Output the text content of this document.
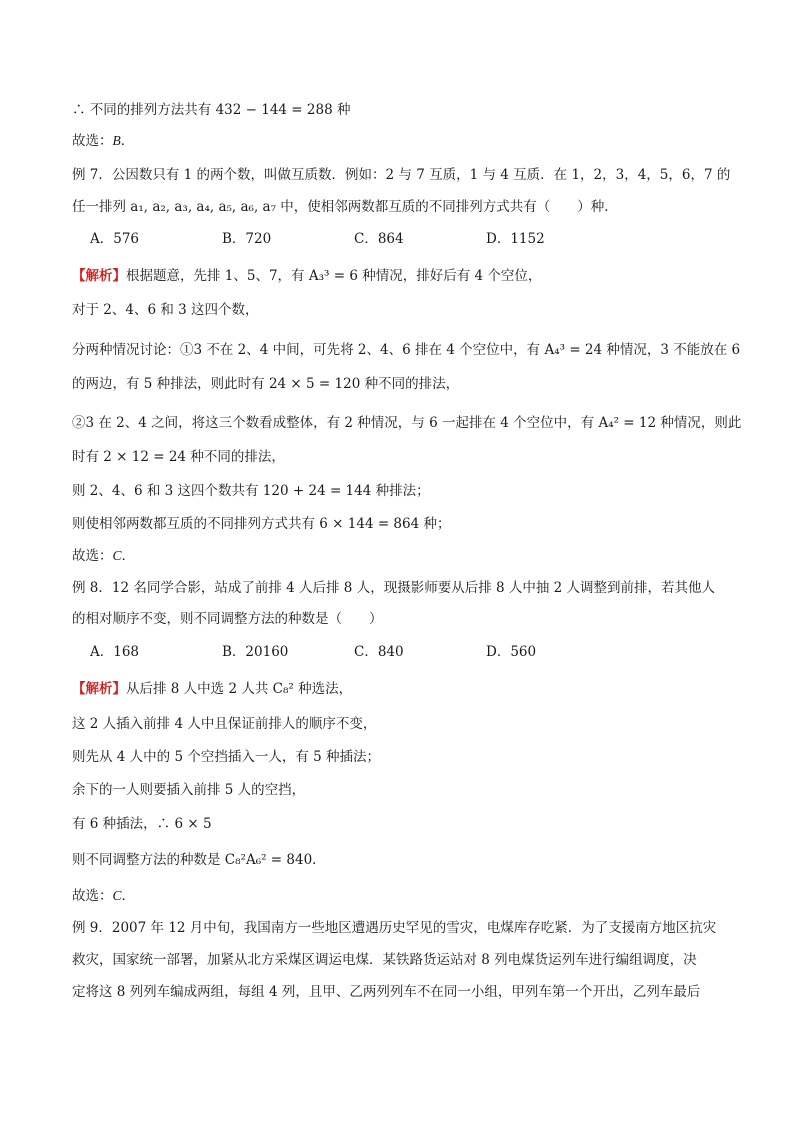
∴ 不同的排列方法共有 432 − 144 = 288 种
故选：B．
例 7．公因数只有 1 的两个数，叫做互质数．例如：2 与 7 互质，1 与 4 互质．在 1，2，3，4，5，6，7 的
任一排列 a₁, a₂, a₃, a₄, a₅, a₆, a₇ 中，使相邻两数都互质的不同排列方式共有（　　）种．
A．576	B．720	C．864	D．1152
【解析】根据题意，先排 1、5、7，有 A₃³ = 6 种情况，排好后有 4 个空位，
对于 2、4、6 和 3 这四个数，
分两种情况讨论：①3 不在 2、4 中间，可先将 2、4、6 排在 4 个空位中，有 A₄³ = 24 种情况，3 不能放在 6
的两边，有 5 种排法，则此时有 24 × 5 = 120 种不同的排法，
②3 在 2、4 之间，将这三个数看成整体，有 2 种情况，与 6 一起排在 4 个空位中，有 A₄² = 12 种情况，则此
时有 2 × 12 = 24 种不同的排法，
则 2、4、6 和 3 这四个数共有 120 + 24 = 144 种排法；
则使相邻两数都互质的不同排列方式共有 6 × 144 = 864 种；
故选：C．
例 8．12 名同学合影，站成了前排 4 人后排 8 人，现摄影师要从后排 8 人中抽 2 人调整到前排，若其他人
的相对顺序不变，则不同调整方法的种数是（　　）
A．168	B．20160	C．840	D．560
【解析】从后排 8 人中选 2 人共 C₈² 种选法，
这 2 人插入前排 4 人中且保证前排人的顺序不变，
则先从 4 人中的 5 个空挡插入一人，有 5 种插法；
余下的一人则要插入前排 5 人的空挡，
有 6 种插法，∴ 6 × 5
则不同调整方法的种数是 C₈²A₆² = 840．
故选：C．
例 9．2007 年 12 月中旬，我国南方一些地区遭遇历史罕见的雪灾，电煤库存吃紧．为了支援南方地区抗灾
救灾，国家统一部署，加紧从北方采煤区调运电煤．某铁路货运站对 8 列电煤货运列车进行编组调度，决
定将这 8 列列车编成两组，每组 4 列，且甲、乙两列列车不在同一小组，甲列车第一个开出，乙列车最后
